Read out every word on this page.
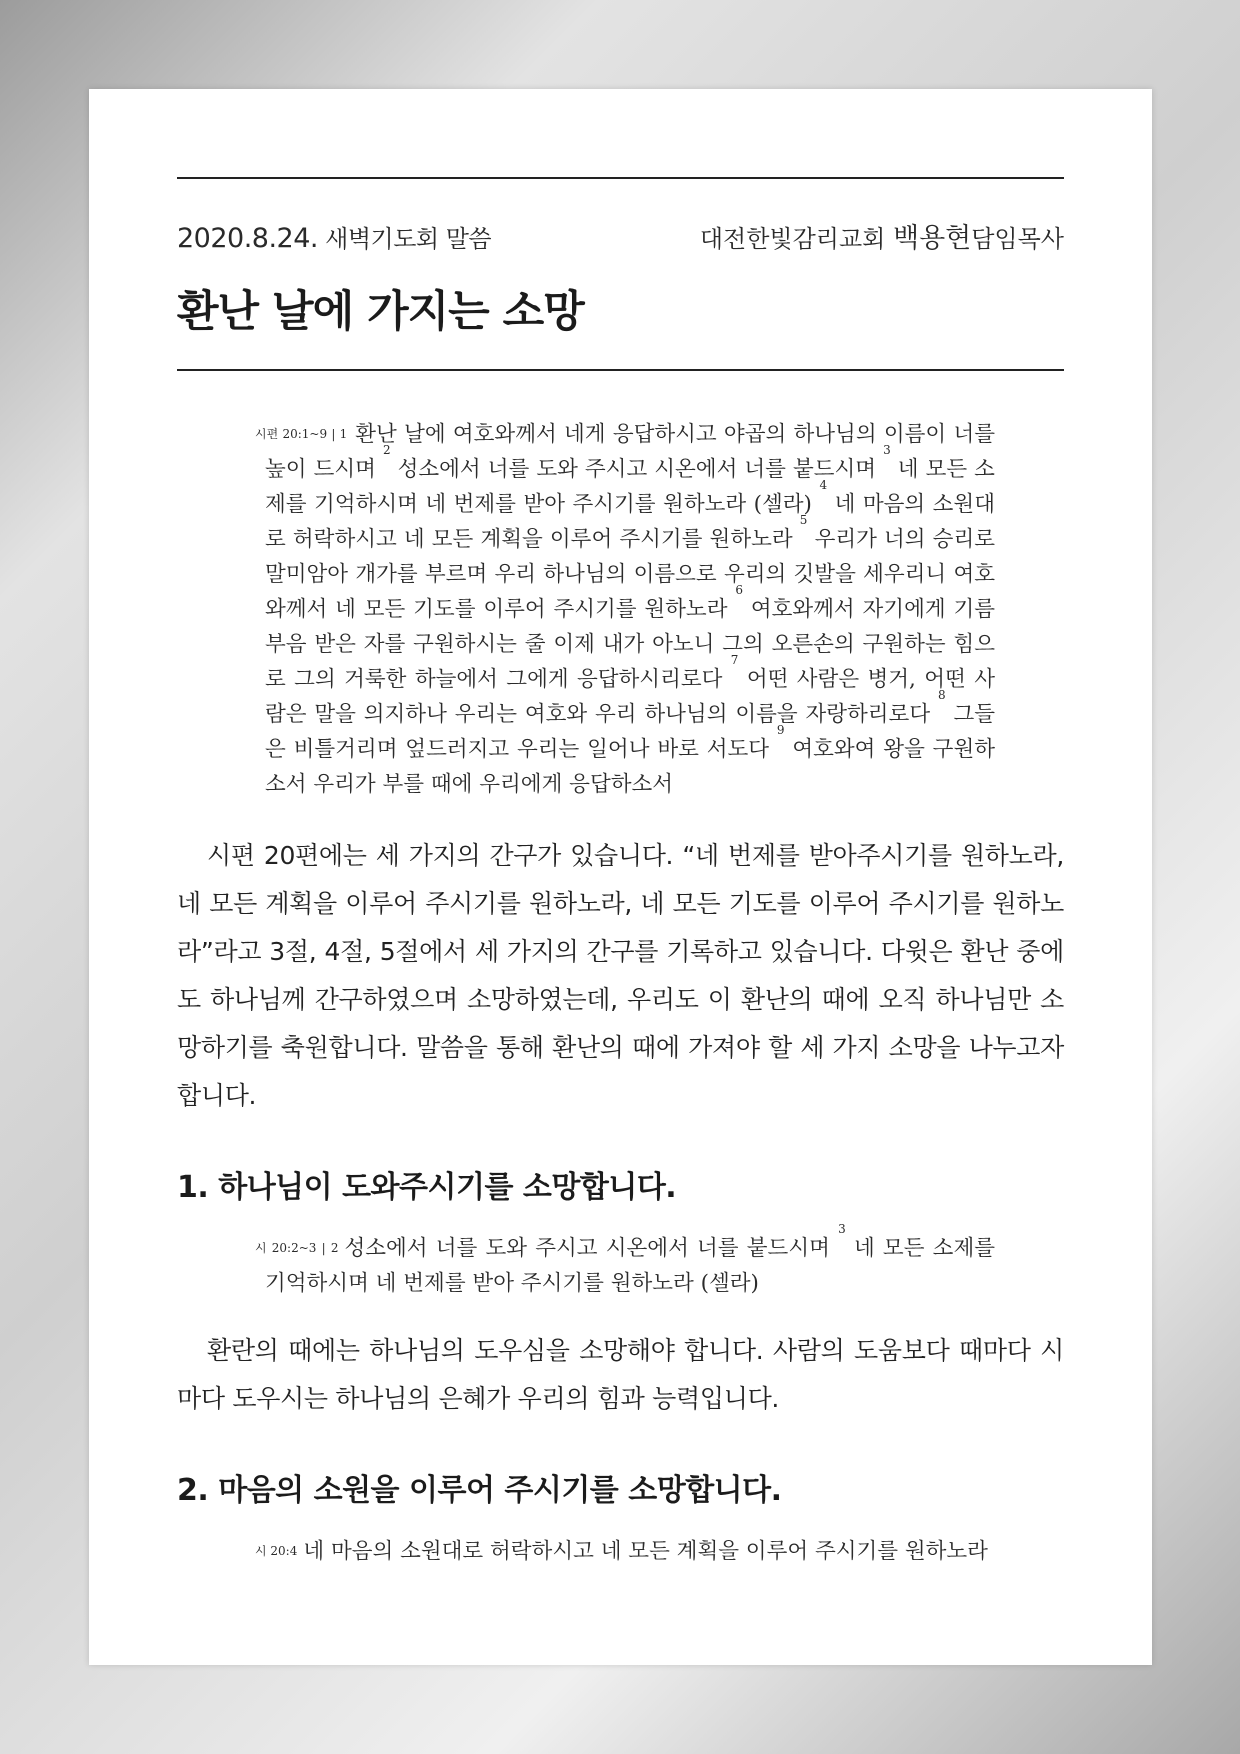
2020.8.24. 새벽기도회 말씀	대전한빛감리교회 백용현담임목사
환난 날에 가지는 소망
$^{시편 20:1\sim 9 | 1}$ 환난 날에 여호와께서 네게 응답하시고 야곱의 하나님의 이름이 너를 높이 드시며 $^2$ 성소에서 너를 도와 주시고 시온에서 너를 붙드시며 $^3$ 네 모든 소제를 기억하시며 네 번제를 받아 주시기를 원하노라 (셀라) $^4$ 네 마음의 소원대로 허락하시고 네 모든 계획을 이루어 주시기를 원하노라 $^5$ 우리가 너의 승리로 말미암아 개가를 부르며 우리 하나님의 이름으로 우리의 깃발을 세우리니 여호와께서 네 모든 기도를 이루어 주시기를 원하노라 $^6$ 여호와께서 자기에게 기름 부음 받은 자를 구원하시는 줄 이제 내가 아노니 그의 오른손의 구원하는 힘으로 그의 거룩한 하늘에서 그에게 응답하시리로다 $^7$ 어떤 사람은 병거, 어떤 사람은 말을 의지하나 우리는 여호와 우리 하나님의 이름을 자랑하리로다 $^8$ 그들은 비틀거리며 엎드러지고 우리는 일어나 바로 서도다 $^9$ 여호와여 왕을 구원하소서 우리가 부를 때에 우리에게 응답하소서

시편 20편에는 세 가지의 간구가 있습니다. “네 번제를 받아주시기를 원하노라, 네 모든 계획을 이루어 주시기를 원하노라, 네 모든 기도를 이루어 주시기를 원하노라”라고 3절, 4절, 5절에서 세 가지의 간구를 기록하고 있습니다. 다윗은 환난 중에도 하나님께 간구하였으며 소망하였는데, 우리도 이 환난의 때에 오직 하나님만 소망하기를 축원합니다. 말씀을 통해 환난의 때에 가져야 할 세 가지 소망을 나누고자 합니다.

1. 하나님이 도와주시기를 소망합니다.
$^{시 20:2\sim 3 | 2}$ 성소에서 너를 도와 주시고 시온에서 너를 붙드시며 $^3$ 네 모든 소제를 기억하시며 네 번제를 받아 주시기를 원하노라 (셀라)

환란의 때에는 하나님의 도우심을 소망해야 합니다. 사람의 도움보다 때마다 시마다 도우시는 하나님의 은혜가 우리의 힘과 능력입니다.

2. 마음의 소원을 이루어 주시기를 소망합니다.
$^{시 20:4}$ 네 마음의 소원대로 허락하시고 네 모든 계획을 이루어 주시기를 원하노라
